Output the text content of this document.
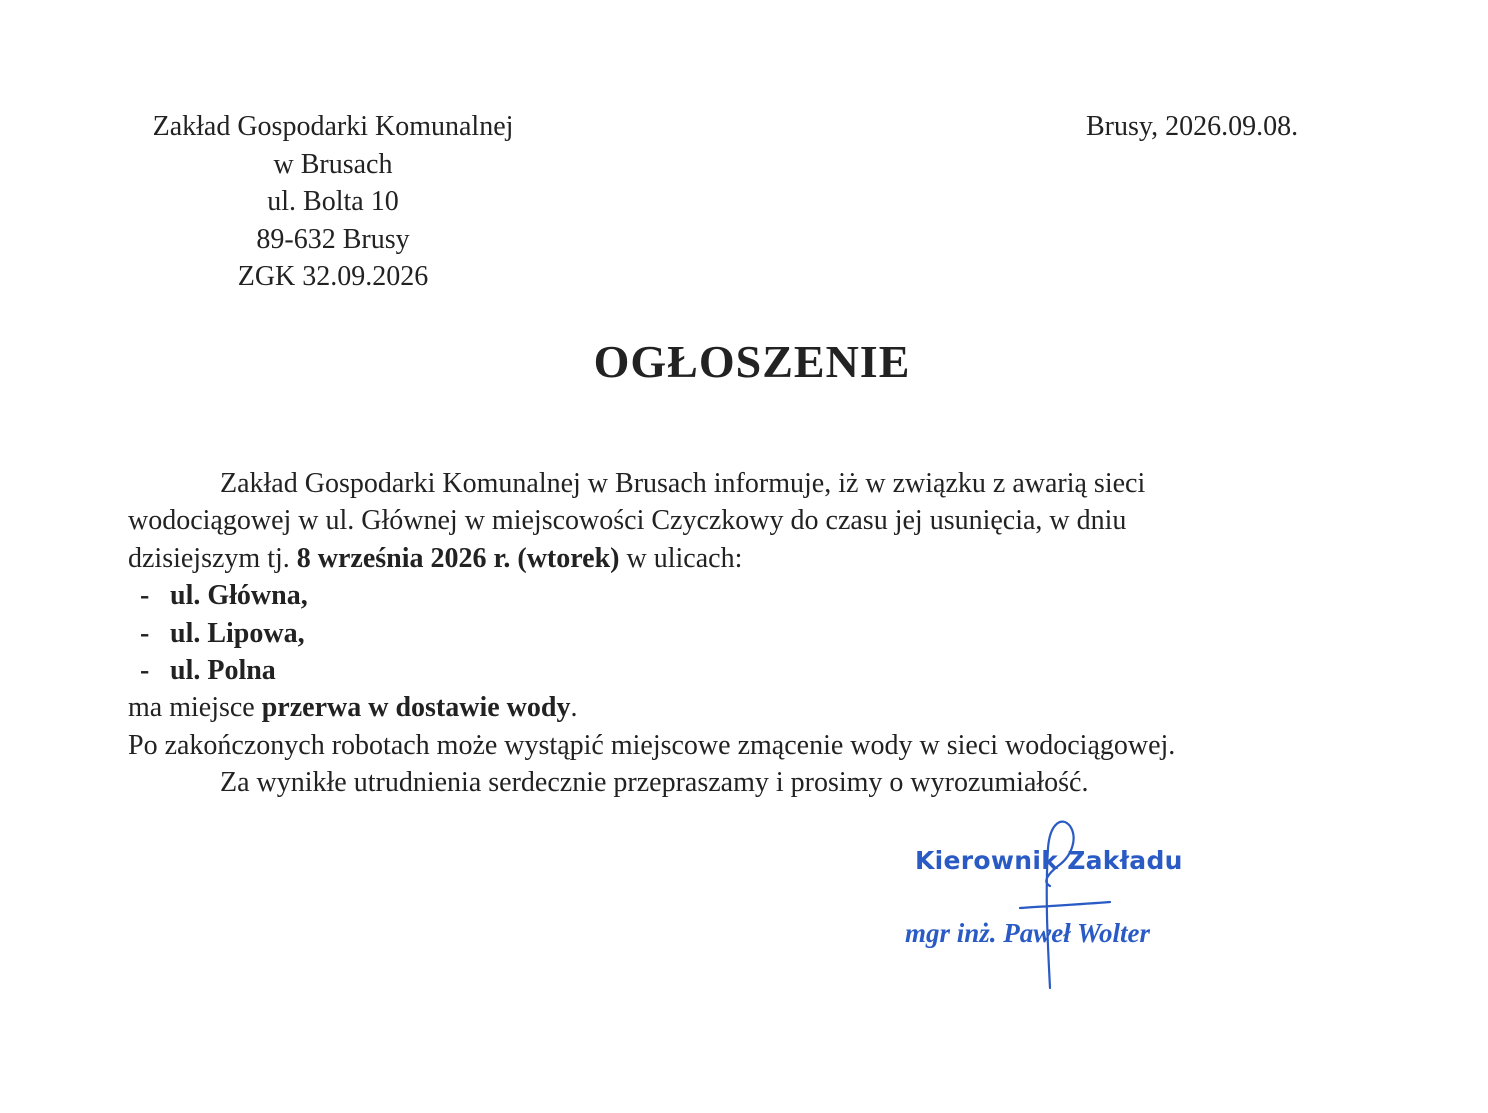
Zakład Gospodarki Komunalnej
w Brusach
ul. Bolta 10
89-632 Brusy
ZGK 32.09.2026
Brusy, 2026.09.08.
OGŁOSZENIE
Zakład Gospodarki Komunalnej w Brusach informuje, iż w związku z awarią sieci
wodociągowej w ul. Głównej w miejscowości Czyczkowy do czasu jej usunięcia, w dniu
dzisiejszym tj. 8 września 2026 r. (wtorek) w ulicach:
- ul. Główna,
- ul. Lipowa,
- ul. Polna
ma miejsce przerwa w dostawie wody.
Po zakończonych robotach może wystąpić miejscowe zmącenie wody w sieci wodociągowej.
Za wynikłe utrudnienia serdecznie przepraszamy i prosimy o wyrozumiałość.
Kierownik Zakładu
mgr inż. Paweł Wolter
